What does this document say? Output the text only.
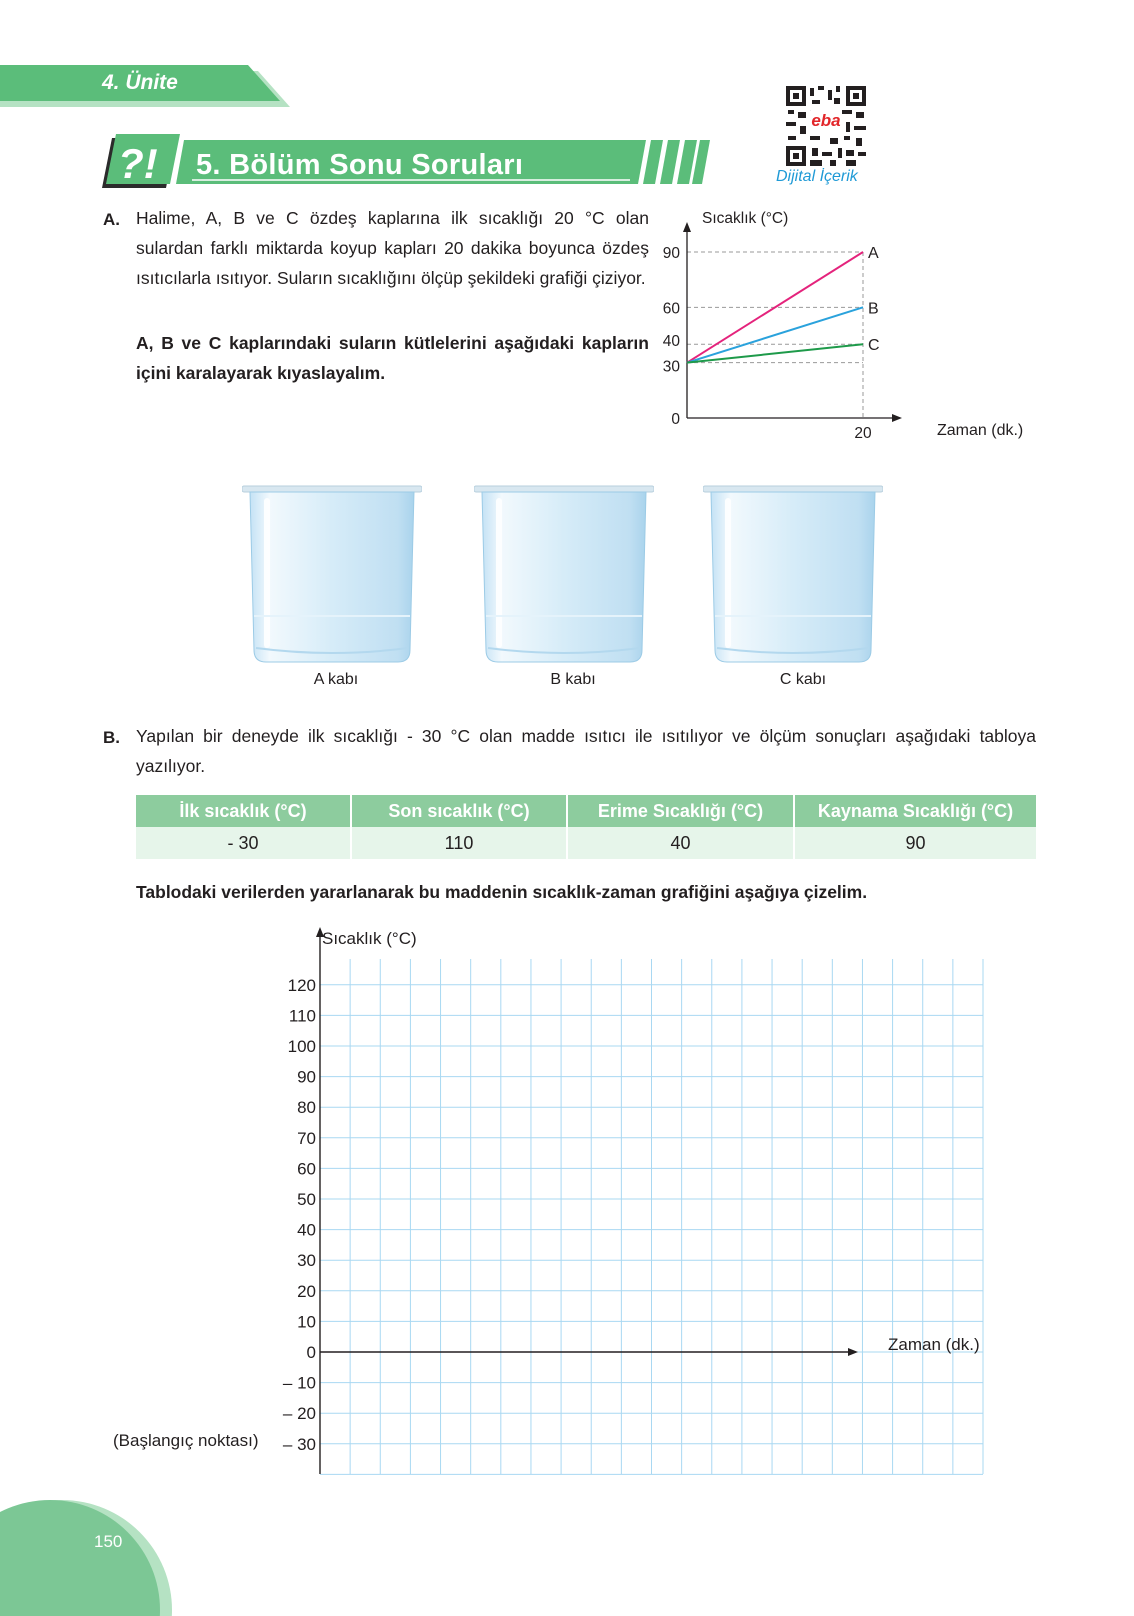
4. Ünite
eba
Dijital İçerik
?! 5. Bölüm Sonu Soruları
A. Halime, A, B ve C özdeş kaplarına ilk sıcaklığı 20 °C olan sulardan farklı miktarda koyup kapları 20 dakika boyunca özdeş ısıtıcılarla ısıtıyor. Suların sıcaklığını ölçüp şekildeki grafiği çiziyor.
A, B ve C kaplarındaki suların kütlelerini aşağıdaki kapların içini karalayarak kıyaslayalım.
Sıcaklık (°C)
0
30
40
60
90
20
A
B
C
Zaman (dk.)
A kabı	B kabı	C kabı
B. Yapılan bir deneyde ilk sıcaklığı - 30 °C olan madde ısıtıcı ile ısıtılıyor ve ölçüm sonuçları aşağıdaki tabloya yazılıyor.
İlk sıcaklık (°C)	Son sıcaklık (°C)	Erime Sıcaklığı (°C)	Kaynama Sıcaklığı (°C)
- 30	110	40	90
Tablodaki verilerden yararlanarak bu maddenin sıcaklık-zaman grafiğini aşağıya çizelim.
Sıcaklık (°C)
120
110
100
90
80
70
60
50
40
30
20
10
0
– 10
– 20
– 30
(Başlangıç noktası)
Zaman (dk.)
150
